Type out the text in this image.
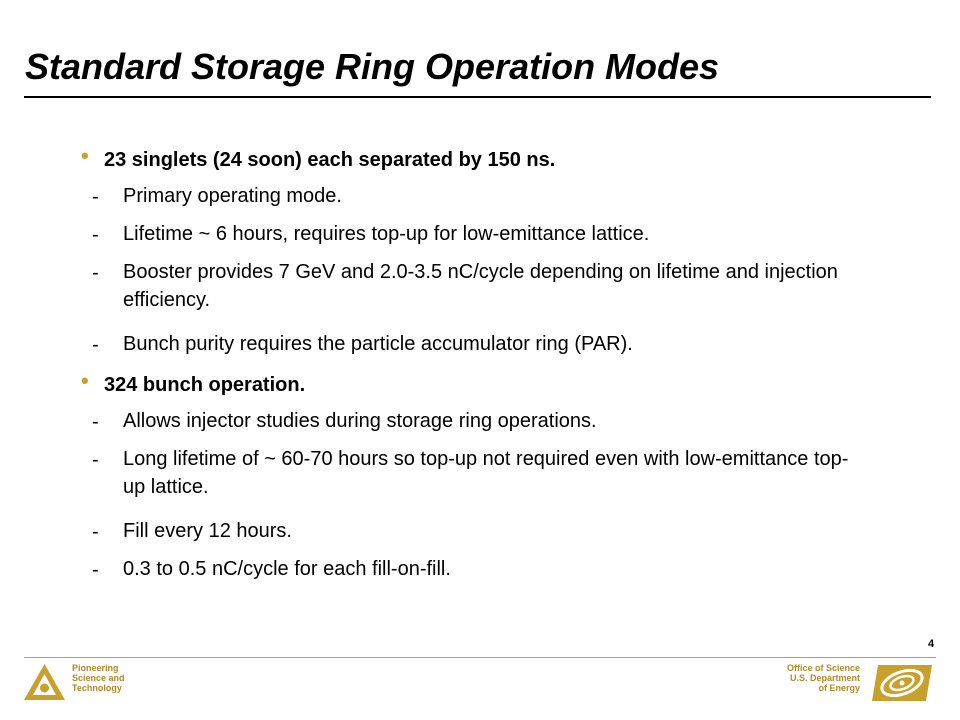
Standard Storage Ring Operation Modes
• 23 singlets (24 soon) each separated by 150 ns.
- Primary operating mode.
- Lifetime ~ 6 hours, requires top-up for low-emittance lattice.
- Booster provides 7 GeV and 2.0-3.5 nC/cycle depending on lifetime and injection efficiency.
- Bunch purity requires the particle accumulator ring (PAR).
• 324 bunch operation.
- Allows injector studies during storage ring operations.
- Long lifetime of ~ 60-70 hours so top-up not required even with low-emittance top-up lattice.
- Fill every 12 hours.
- 0.3 to 0.5 nC/cycle for each fill-on-fill.
4
Pioneering
Science and
Technology
Office of Science
U.S. Department
of Energy
